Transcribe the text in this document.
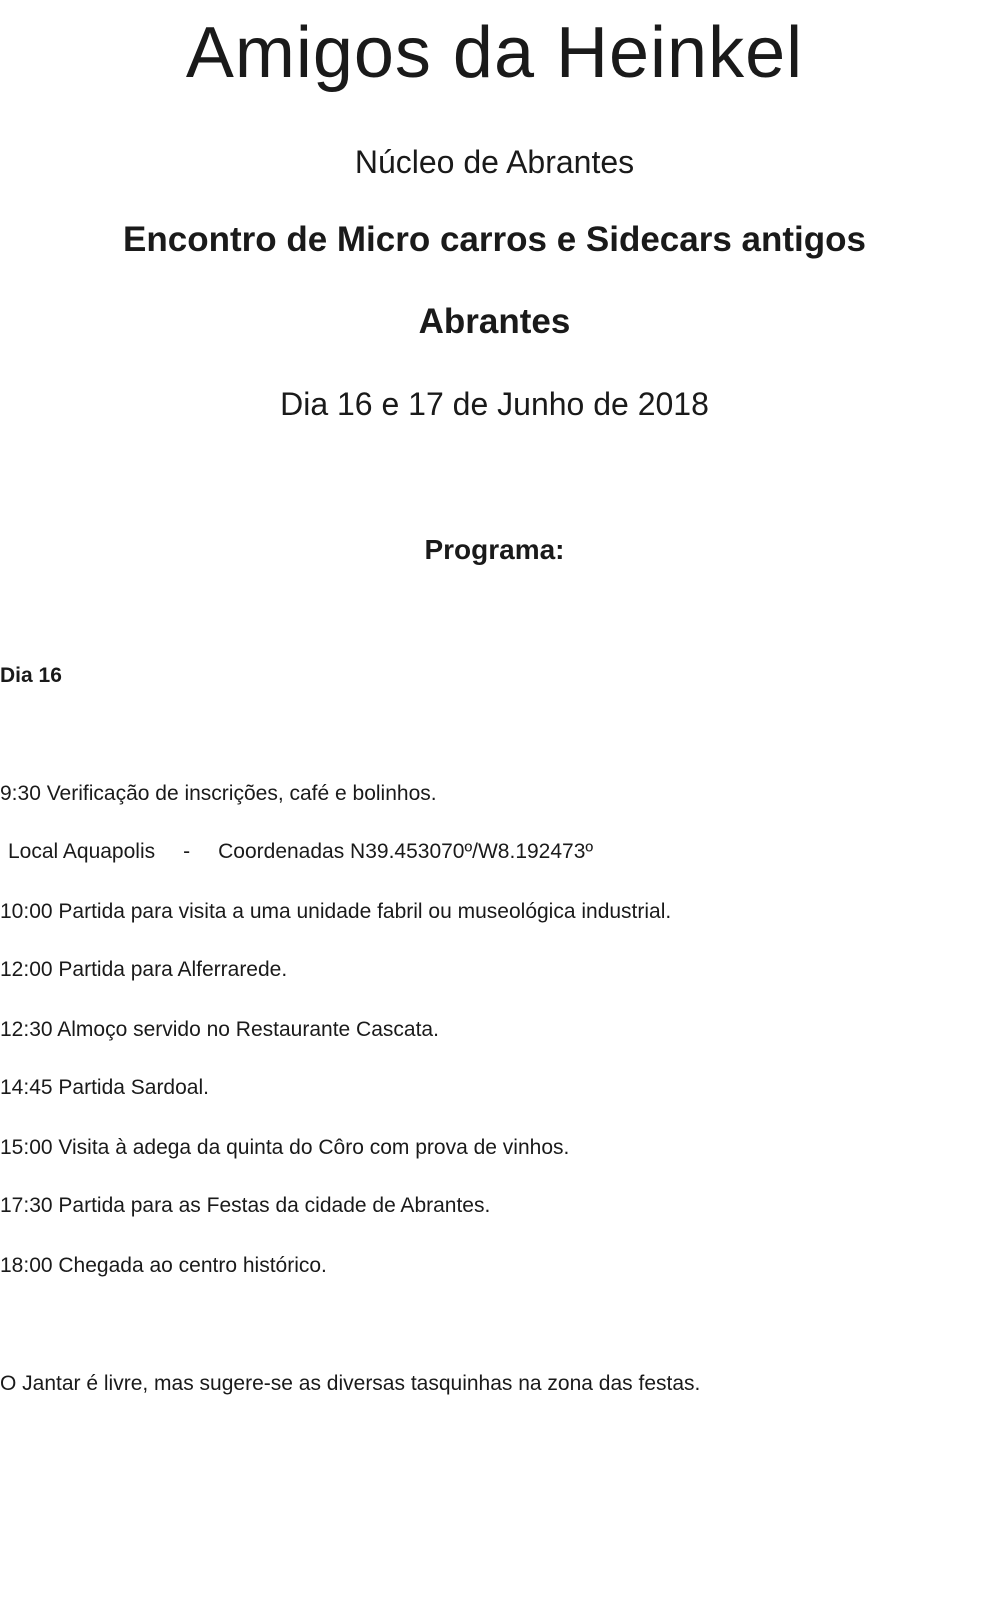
Amigos da Heinkel
Núcleo de Abrantes
Encontro de Micro carros e Sidecars antigos
Abrantes
Dia 16 e 17 de Junho de 2018
Programa:
Dia 16
9:30 Verificação de inscrições, café e bolinhos.
Local Aquapolis - Coordenadas N39.453070º/W8.192473º
10:00 Partida para visita a uma unidade fabril ou museológica industrial.
12:00 Partida para Alferrarede.
12:30 Almoço servido no Restaurante Cascata.
14:45 Partida Sardoal.
15:00 Visita à adega da quinta do Côro com prova de vinhos.
17:30 Partida para as Festas da cidade de Abrantes.
18:00 Chegada ao centro histórico.
O Jantar é livre, mas sugere-se as diversas tasquinhas na zona das festas.
